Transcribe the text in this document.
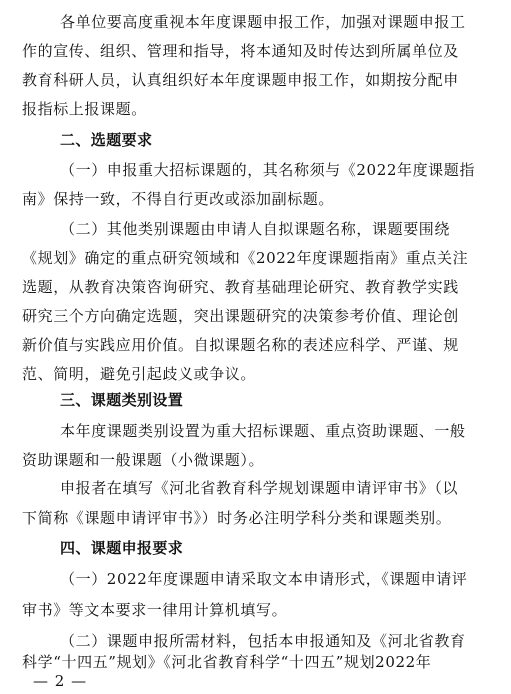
各单位要高度重视本年度课题申报工作，加强对课题申报工
作的宣传、组织、管理和指导，将本通知及时传达到所属单位及
教育科研人员，认真组织好本年度课题申报工作，如期按分配申
报指标上报课题。
二、选题要求
（一）申报重大招标课题的，其名称须与《2022年度课题指
南》保持一致，不得自行更改或添加副标题。
（二）其他类别课题由申请人自拟课题名称，课题要围绕
《规划》确定的重点研究领域和《2022年度课题指南》重点关注
选题，从教育决策咨询研究、教育基础理论研究、教育教学实践
研究三个方向确定选题，突出课题研究的决策参考价值、理论创
新价值与实践应用价值。自拟课题名称的表述应科学、严谨、规
范、简明，避免引起歧义或争议。
三、课题类别设置
本年度课题类别设置为重大招标课题、重点资助课题、一般
资助课题和一般课题（小微课题）。
申报者在填写《河北省教育科学规划课题申请评审书》（以
下简称《课题申请评审书》）时务必注明学科分类和课题类别。
四、课题申报要求
（一）2022年度课题申请采取文本申请形式，《课题申请评
审书》等文本要求一律用计算机填写。
（二）课题申报所需材料，包括本申报通知及《河北省教育
科学“十四五”规划》《河北省教育科学“十四五”规划2022年
— 2 —
